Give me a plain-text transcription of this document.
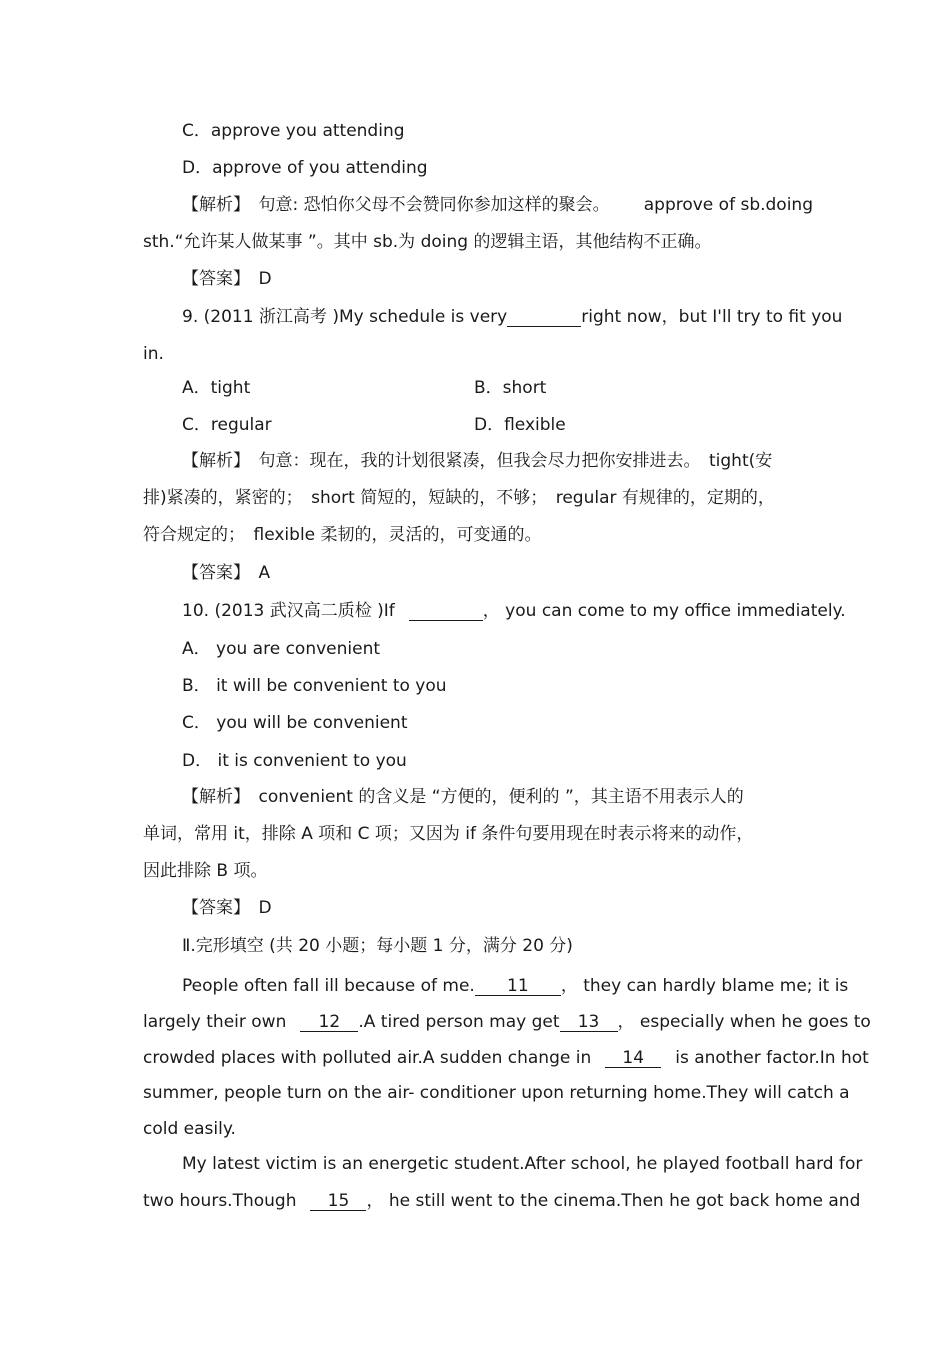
C．approve you attending
D．approve of you attending
【解析】　句意: 恐怕你父母不会赞同你参加这样的聚会。 approve of sb.doing
sth.“允许某人做某事 ”。其中 sb.为 doing 的逻辑主语，其他结构不正确。
【答案】　D
9. (2011 浙江高考 )My schedule is very	right now，but I'll try to fit you
in.
A．tight	B．short
C．regular	D．flexible
【解析】　句意：现在，我的计划很紧凑，但我会尽力把你安排进去。　tight(安
排)紧凑的，紧密的；　short 简短的，短缺的，不够；　regular 有规律的，定期的，
符合规定的；　flexible 柔韧的，灵活的，可变通的。
【答案】　A
10. (2013 武汉高二质检 )If	， you can come to my office immediately.
A． you are convenient
B． it will be convenient to you
C． you will be convenient
D． it is convenient to you
【解析】　convenient 的含义是 “方便的，便利的 ”，其主语不用表示人的
单词，常用 it，排除 A 项和 C 项；又因为 if 条件句要用现在时表示将来的动作，
因此排除 B 项。
【答案】　D
Ⅱ.完形填空 (共 20 小题；每小题 1 分，满分 20 分)
People often fall ill because of me. 11 ， they can hardly blame me; it is
largely their own 12 .A tired person may get 13 ， especially when he goes to
crowded places with polluted air.A sudden change in 14 is another factor.In hot
summer, people turn on the air- conditioner upon returning home.They will catch a
cold easily.
My latest victim is an energetic student.After school, he played football hard for
two hours.Though 15 ， he still went to the cinema.Then he got back home and
